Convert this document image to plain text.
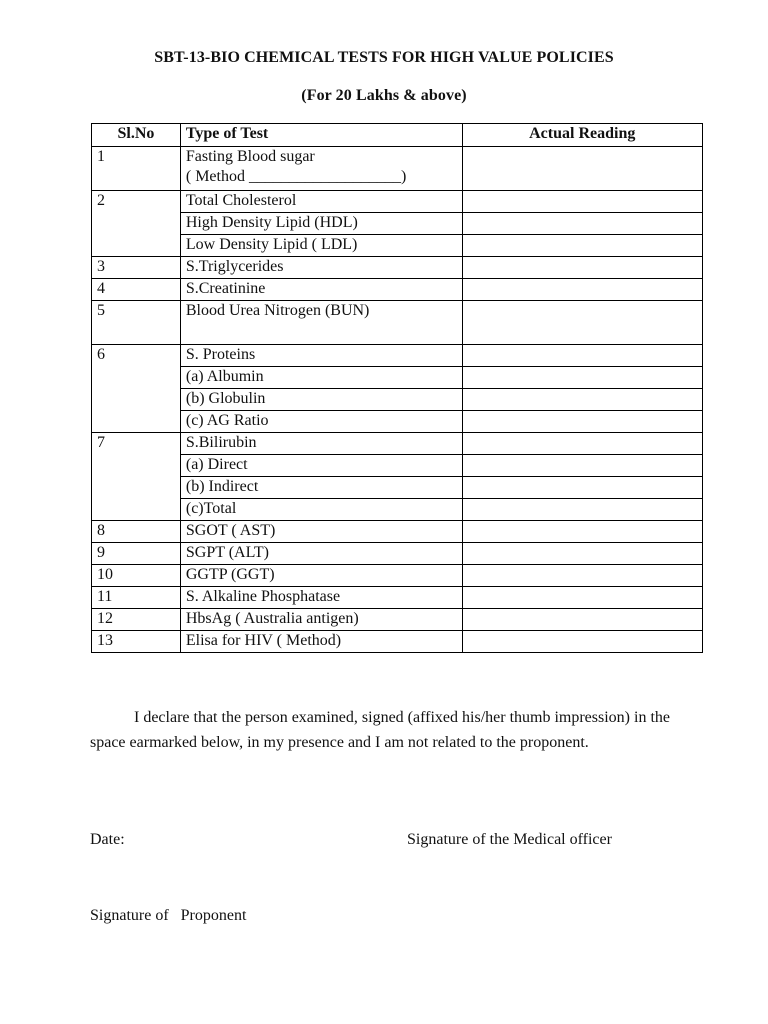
SBT-13-BIO CHEMICAL TESTS FOR HIGH VALUE POLICIES
(For 20 Lakhs & above)
Sl.No	Type of Test	Actual Reading
1	Fasting Blood sugar
( Method ___________________)	

2	Total Cholesterol	
	High Density Lipid (HDL)	
	Low Density Lipid ( LDL)	
3	S.Triglycerides	
4	S.Creatinine	
5	Blood Urea Nitrogen (BUN)	
6	S. Proteins	
	(a) Albumin	
	(b) Globulin	
	(c) AG Ratio	
7	S.Bilirubin	
	(a) Direct	
	(b) Indirect	
	(c)Total	
8	SGOT ( AST)	
9	SGPT (ALT)	
10	GGTP (GGT)	
11	S. Alkaline Phosphatase	
12	HbsAg ( Australia antigen)	
13	Elisa for HIV ( Method)	
I declare that the person examined, signed (affixed his/her thumb impression) in the space earmarked below, in my presence and I am not related to the proponent.
Date:	Signature of the Medical officer
Signature of   Proponent
